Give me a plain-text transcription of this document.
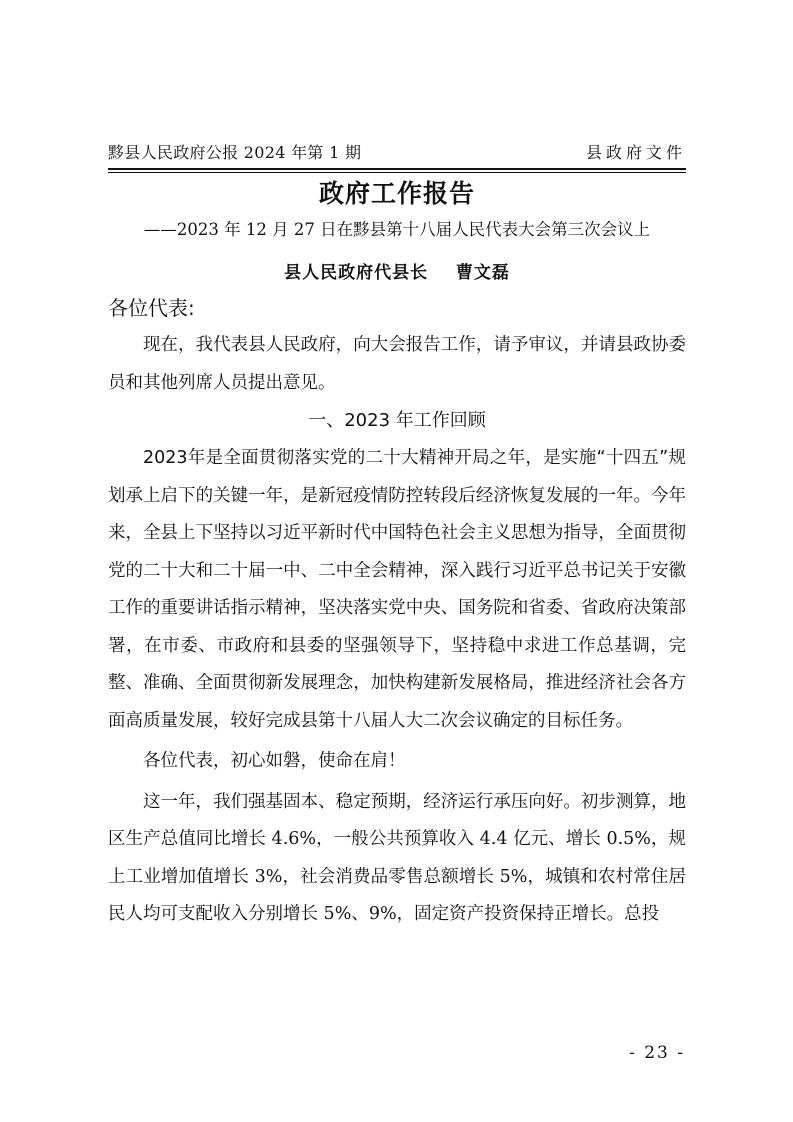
黟县人民政府公报 2024 年第 1 期	县政府文件
政府工作报告
——2023 年 12 月 27 日在黟县第十八届人民代表大会第三次会议上
县人民政府代县长    曹文磊
各位代表:

现在，我代表县人民政府，向大会报告工作，请予审议，并请县政协委员和其他列席人员提出意见。

一、2023 年工作回顾

2023年是全面贯彻落实党的二十大精神开局之年，是实施“十四五”规划承上启下的关键一年，是新冠疫情防控转段后经济恢复发展的一年。今年来，全县上下坚持以习近平新时代中国特色社会主义思想为指导，全面贯彻党的二十大和二十届一中、二中全会精神，深入践行习近平总书记关于安徽工作的重要讲话指示精神，坚决落实党中央、国务院和省委、省政府决策部署，在市委、市政府和县委的坚强领导下，坚持稳中求进工作总基调，完整、准确、全面贯彻新发展理念，加快构建新发展格局，推进经济社会各方面高质量发展，较好完成县第十八届人大二次会议确定的目标任务。

各位代表，初心如磐，使命在肩！

这一年，我们强基固本、稳定预期，经济运行承压向好。初步测算，地区生产总值同比增长 4.6%，一般公共预算收入 4.4 亿元、增长 0.5%，规上工业增加值增长 3%，社会消费品零售总额增长 5%，城镇和农村常住居民人均可支配收入分别增长 5%、9%，固定资产投资保持正增长。总投

- 23 -
